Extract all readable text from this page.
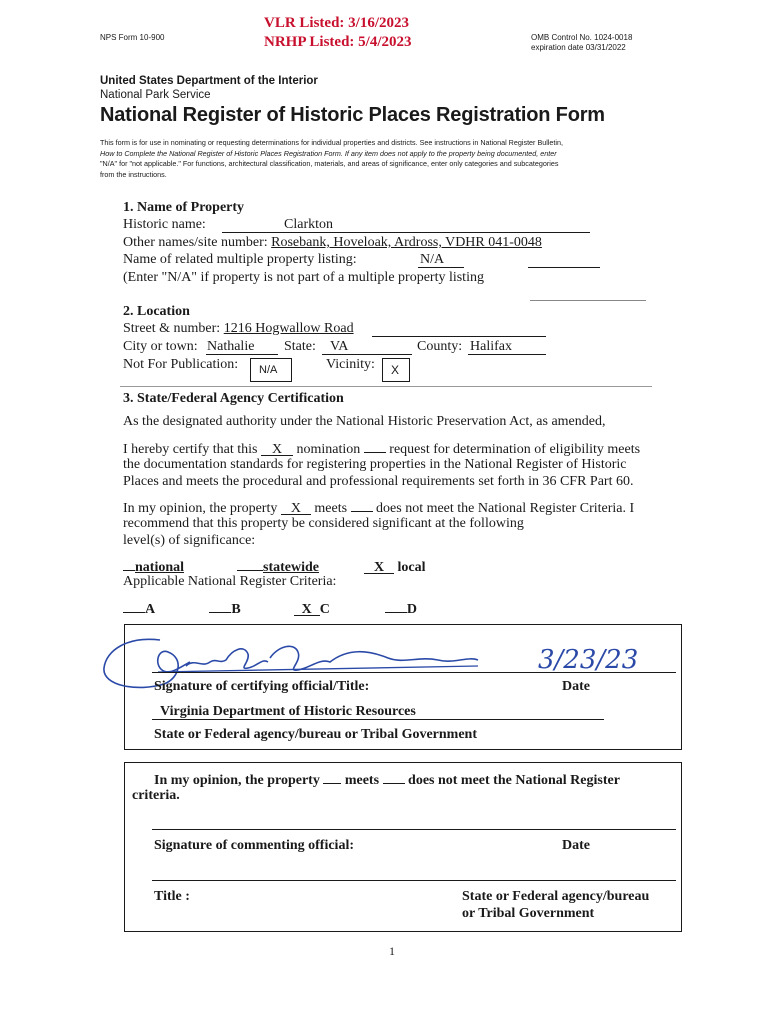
NPS Form 10-900
VLR Listed: 3/16/2023
NRHP Listed: 5/4/2023	OMB Control No. 1024-0018
expiration date 03/31/2022
United States Department of the Interior
National Park Service
National Register of Historic Places Registration Form
This form is for use in nominating or requesting determinations for individual properties and districts. See instructions in National Register Bulletin,
How to Complete the National Register of Historic Places Registration Form. If any item does not apply to the property being documented, enter
"N/A" for "not applicable." For functions, architectural classification, materials, and areas of significance, enter only categories and subcategories
from the instructions.
1. Name of Property
Historic name:	Clarkton
Other names/site number: Rosebank, Hoveloak, Ardross, VDHR 041-0048
Name of related multiple property listing:	N/A
(Enter "N/A" if property is not part of a multiple property listing
2. Location
Street & number: 1216 Hogwallow Road
City or town: Nathalie State: VA	County: Halifax
Not For Publication: N/A	Vicinity: X
3. State/Federal Agency Certification
As the designated authority under the National Historic Preservation Act, as amended,
I hereby certify that this X nomination request for determination of eligibility meets
the documentation standards for registering properties in the National Register of Historic
Places and meets the procedural and professional requirements set forth in 36 CFR Part 60.
In my opinion, the property X meets does not meet the National Register Criteria. I
recommend that this property be considered significant at the following
level(s) of significance:
national	statewide	X local
Applicable National Register Criteria:
A	B	X C	D
3/23/23
Signature of certifying official/Title:	Date
Virginia Department of Historic Resources
State or Federal agency/bureau or Tribal Government
In my opinion, the property meets does not meet the National Register
criteria.
Signature of commenting official:	Date
Title :	State or Federal agency/bureau
or Tribal Government
1
